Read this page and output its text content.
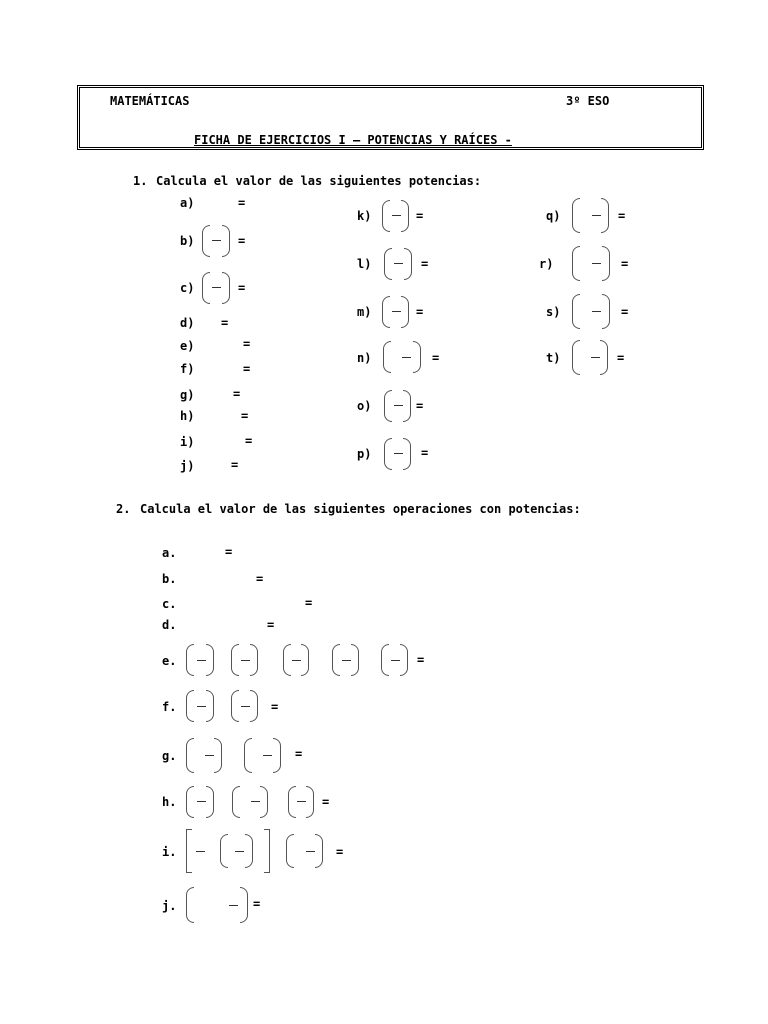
MATEMÁTICAS	3º ESO
FICHA DE EJERCICIOS I – POTENCIAS Y RAÍCES -
1. Calcula el valor de las siguientes potencias:
a)	=
b)	=
c)	=
d) =
e)	=
f)	=
g)	=
h)	=
i)	=
j)	=
k)	=
l)	=
m)	=
n)	=
o)	=
p)	=
q)	=
r)	=
s)	=
t)	=
2. Calcula el valor de las siguientes operaciones con potencias:
a.	=
b.	=
c.	=
d.	=
e.	=
f.	=
g.	=
h.	=
i.	=
j.	=
